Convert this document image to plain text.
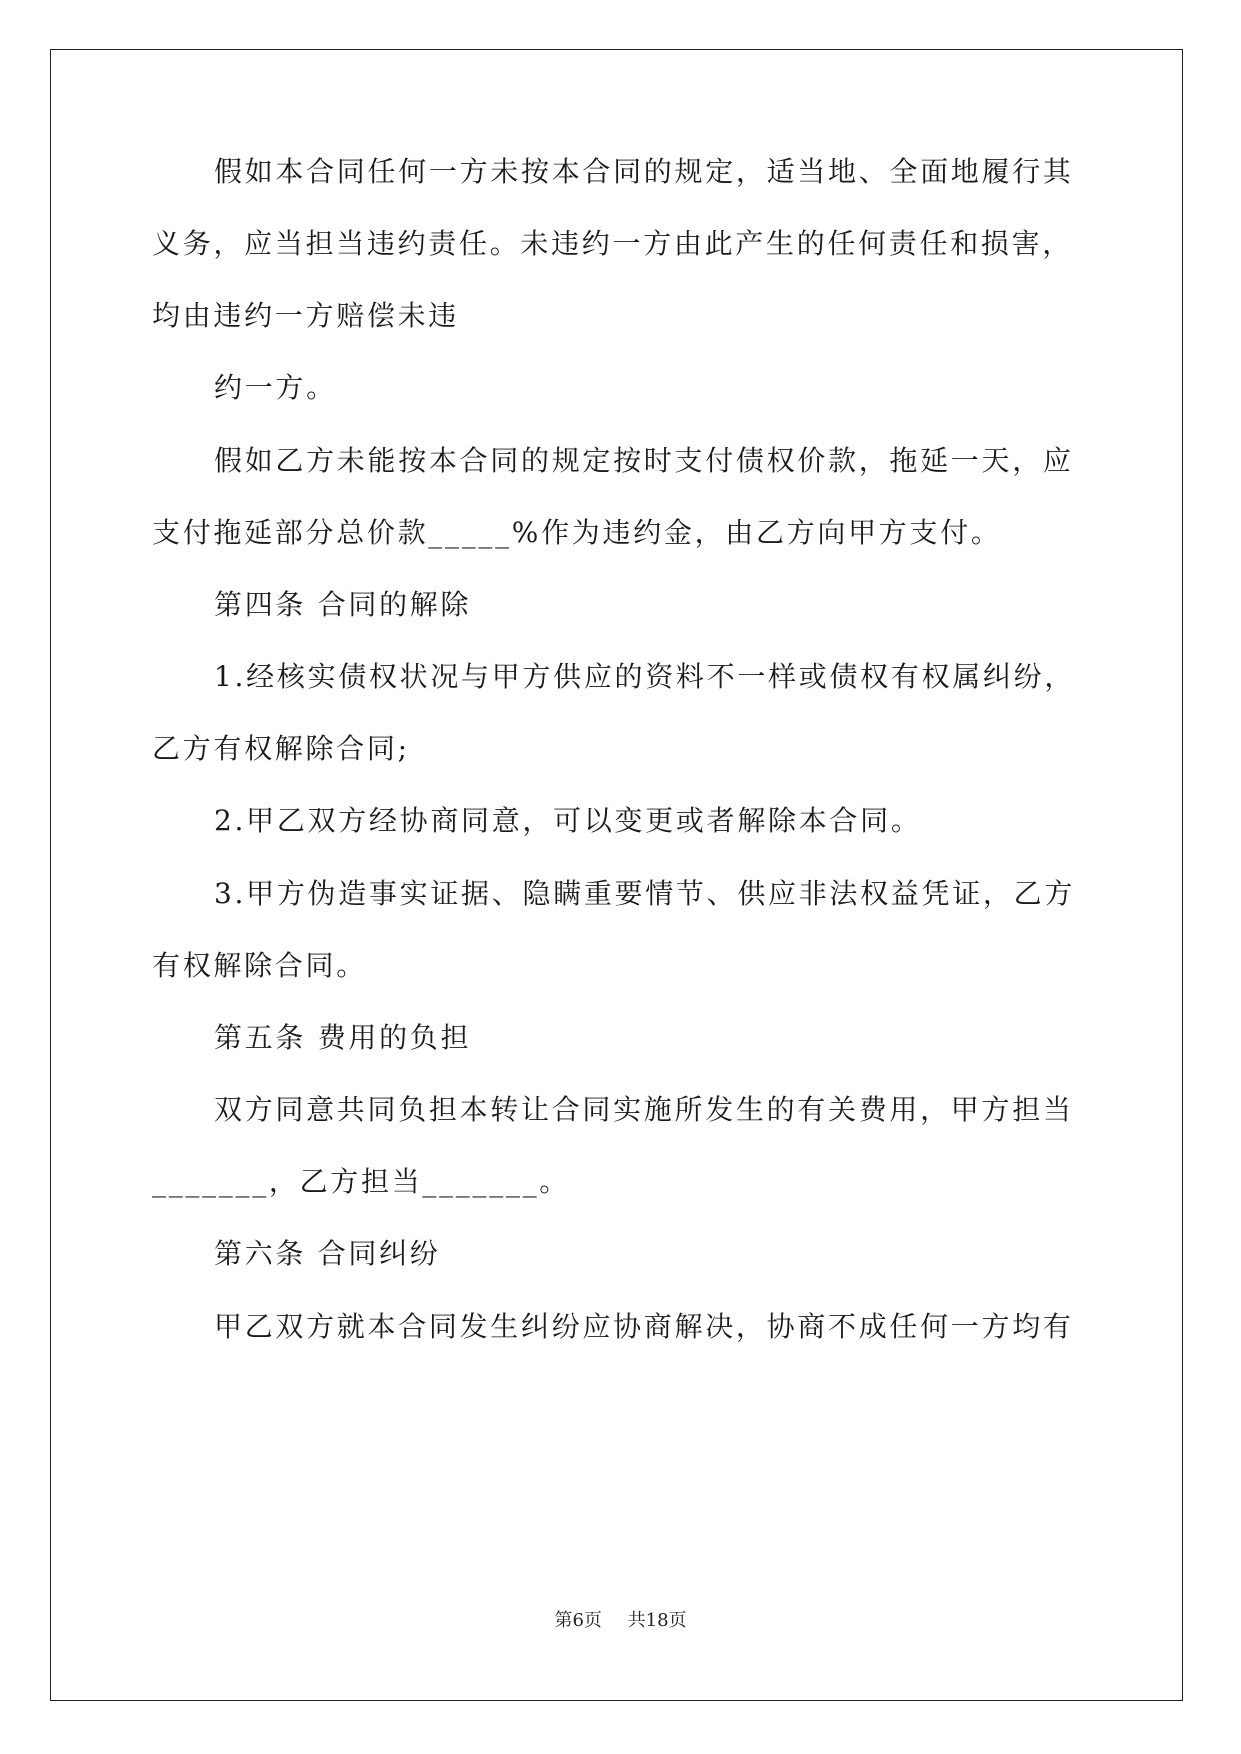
假如本合同任何一方未按本合同的规定，适当地、全面地履行其
义务，应当担当违约责任。未违约一方由此产生的任何责任和损害，
均由违约一方赔偿未违
约一方。
假如乙方未能按本合同的规定按时支付债权价款，拖延一天，应
支付拖延部分总价款_____%作为违约金，由乙方向甲方支付。
第四条 合同的解除
1.经核实债权状况与甲方供应的资料不一样或债权有权属纠纷，
乙方有权解除合同;
2.甲乙双方经协商同意，可以变更或者解除本合同。
3.甲方伪造事实证据、隐瞒重要情节、供应非法权益凭证，乙方
有权解除合同。
第五条 费用的负担
双方同意共同负担本转让合同实施所发生的有关费用，甲方担当
_______，乙方担当_______。
第六条 合同纠纷
甲乙双方就本合同发生纠纷应协商解决，协商不成任何一方均有
第6页 共18页
